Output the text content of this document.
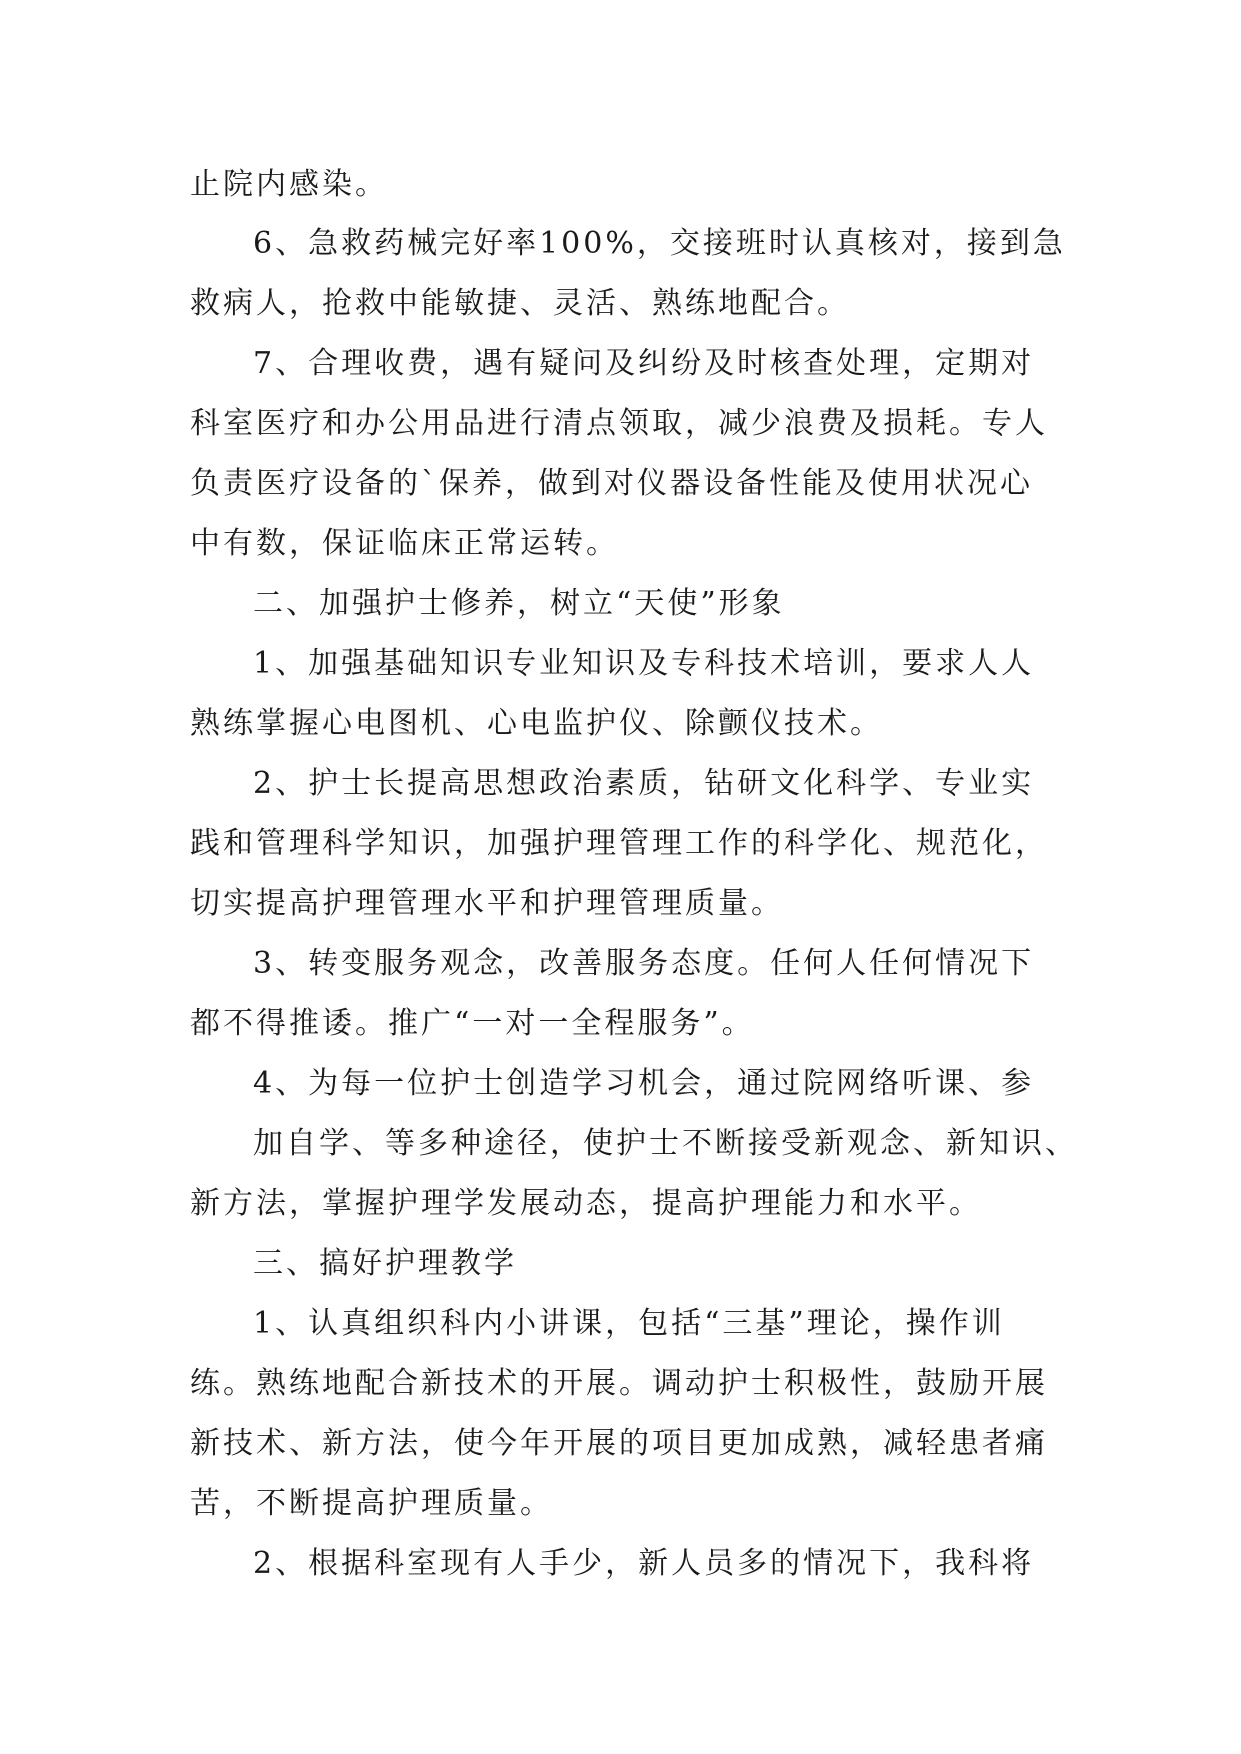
止院内感染。
6、急救药械完好率100%，交接班时认真核对，接到急
救病人，抢救中能敏捷、灵活、熟练地配合。
7、合理收费，遇有疑问及纠纷及时核查处理，定期对
科室医疗和办公用品进行清点领取，减少浪费及损耗。专人
负责医疗设备的`保养，做到对仪器设备性能及使用状况心
中有数，保证临床正常运转。
二、加强护士修养，树立“天使”形象
1、加强基础知识专业知识及专科技术培训，要求人人
熟练掌握心电图机、心电监护仪、除颤仪技术。
2、护士长提高思想政治素质，钻研文化科学、专业实
践和管理科学知识，加强护理管理工作的科学化、规范化，
切实提高护理管理水平和护理管理质量。
3、转变服务观念，改善服务态度。任何人任何情况下
都不得推诿。推广“一对一全程服务”。
4、为每一位护士创造学习机会，通过院网络听课、参
加自学、等多种途径，使护士不断接受新观念、新知识、
新方法，掌握护理学发展动态，提高护理能力和水平。
三、搞好护理教学
1、认真组织科内小讲课，包括“三基”理论，操作训
练。熟练地配合新技术的开展。调动护士积极性，鼓励开展
新技术、新方法，使今年开展的项目更加成熟，减轻患者痛
苦，不断提高护理质量。
2、根据科室现有人手少，新人员多的情况下，我科将
